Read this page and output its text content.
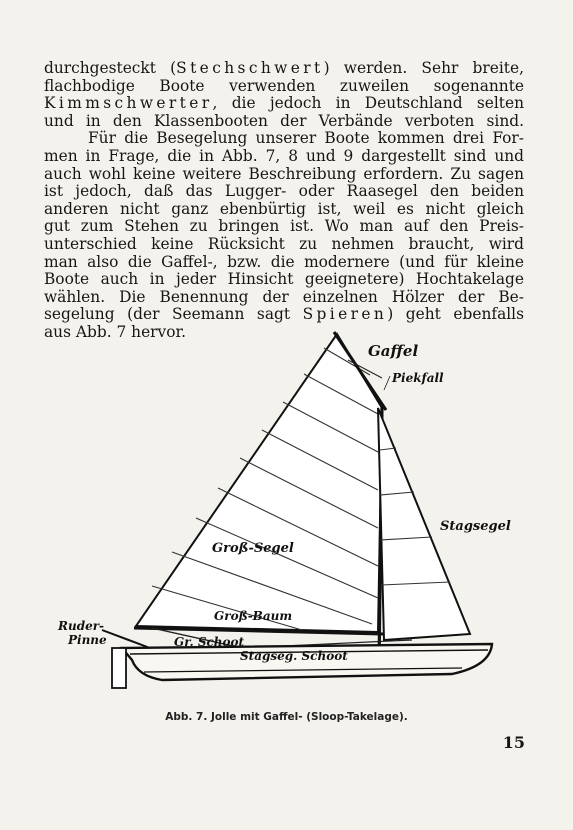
durchgesteckt (Stechschwert) werden. Sehr breite,
flachbodige Boote verwenden zuweilen sogenannte
Kimmschwerter, die jedoch in Deutschland selten
und in den Klassenbooten der Verbände verboten sind.
Für die Besegelung unserer Boote kommen drei For-
men in Frage, die in Abb. 7, 8 und 9 dargestellt sind und
auch wohl keine weitere Beschreibung erfordern. Zu sagen
ist jedoch, daß das Lugger- oder Raasegel den beiden
anderen nicht ganz ebenbürtig ist, weil es nicht gleich
gut zum Stehen zu bringen ist. Wo man auf den Preis-
unterschied keine Rücksicht zu nehmen braucht, wird
man also die Gaffel-, bzw. die modernere (und für kleine
Boote auch in jeder Hinsicht geeignetere) Hochtakelage
wählen. Die Benennung der einzelnen Hölzer der Be-
segelung (der Seemann sagt Spieren) geht ebenfalls
aus Abb. 7 hervor.
Gaffel
Piekfall
Stagsegel
Groß-Segel
Groß-Baum
Ruder-
Pinne	Gr. Schoot
Stagseg. Schoot
Abb. 7. Jolle mit Gaffel- (Sloop-Takelage).
15
